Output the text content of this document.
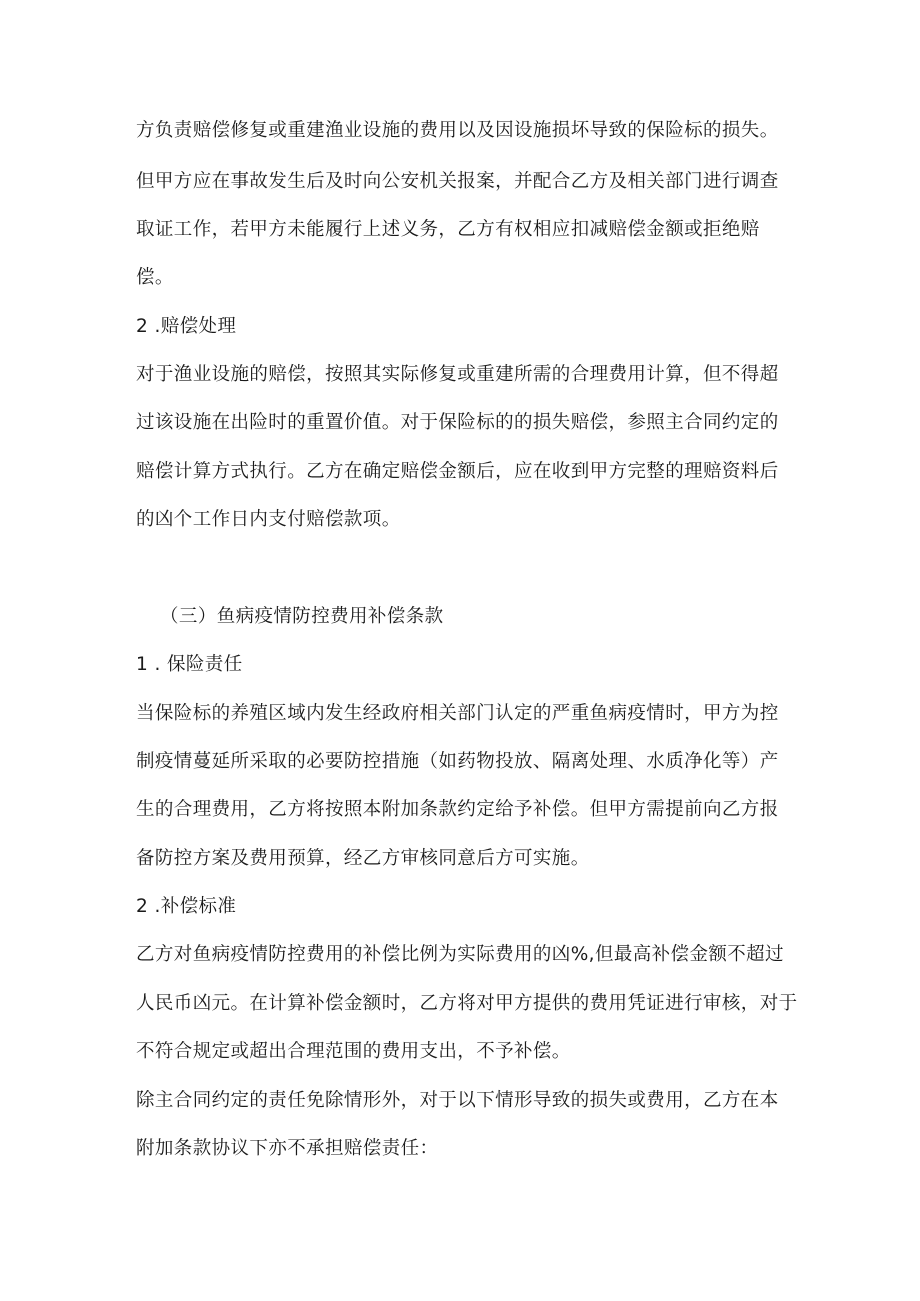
方负责赔偿修复或重建渔业设施的费用以及因设施损坏导致的保险标的损失。
但甲方应在事故发生后及时向公安机关报案，并配合乙方及相关部门进行调查
取证工作，若甲方未能履行上述义务，乙方有权相应扣减赔偿金额或拒绝赔
偿。
2 .赔偿处理
对于渔业设施的赔偿，按照其实际修复或重建所需的合理费用计算，但不得超
过该设施在出险时的重置价值。对于保险标的的损失赔偿，参照主合同约定的
赔偿计算方式执行。乙方在确定赔偿金额后，应在收到甲方完整的理赔资料后
的凶个工作日内支付赔偿款项。
（三）鱼病疫情防控费用补偿条款
1 . 保险责任
当保险标的养殖区域内发生经政府相关部门认定的严重鱼病疫情时，甲方为控
制疫情蔓延所采取的必要防控措施（如药物投放、隔离处理、水质净化等）产
生的合理费用，乙方将按照本附加条款约定给予补偿。但甲方需提前向乙方报
备防控方案及费用预算，经乙方审核同意后方可实施。
2 .补偿标准
乙方对鱼病疫情防控费用的补偿比例为实际费用的凶%,但最高补偿金额不超过
人民币凶元。在计算补偿金额时，乙方将对甲方提供的费用凭证进行审核，对于
不符合规定或超出合理范围的费用支出，不予补偿。
除主合同约定的责任免除情形外，对于以下情形导致的损失或费用，乙方在本
附加条款协议下亦不承担赔偿责任：
